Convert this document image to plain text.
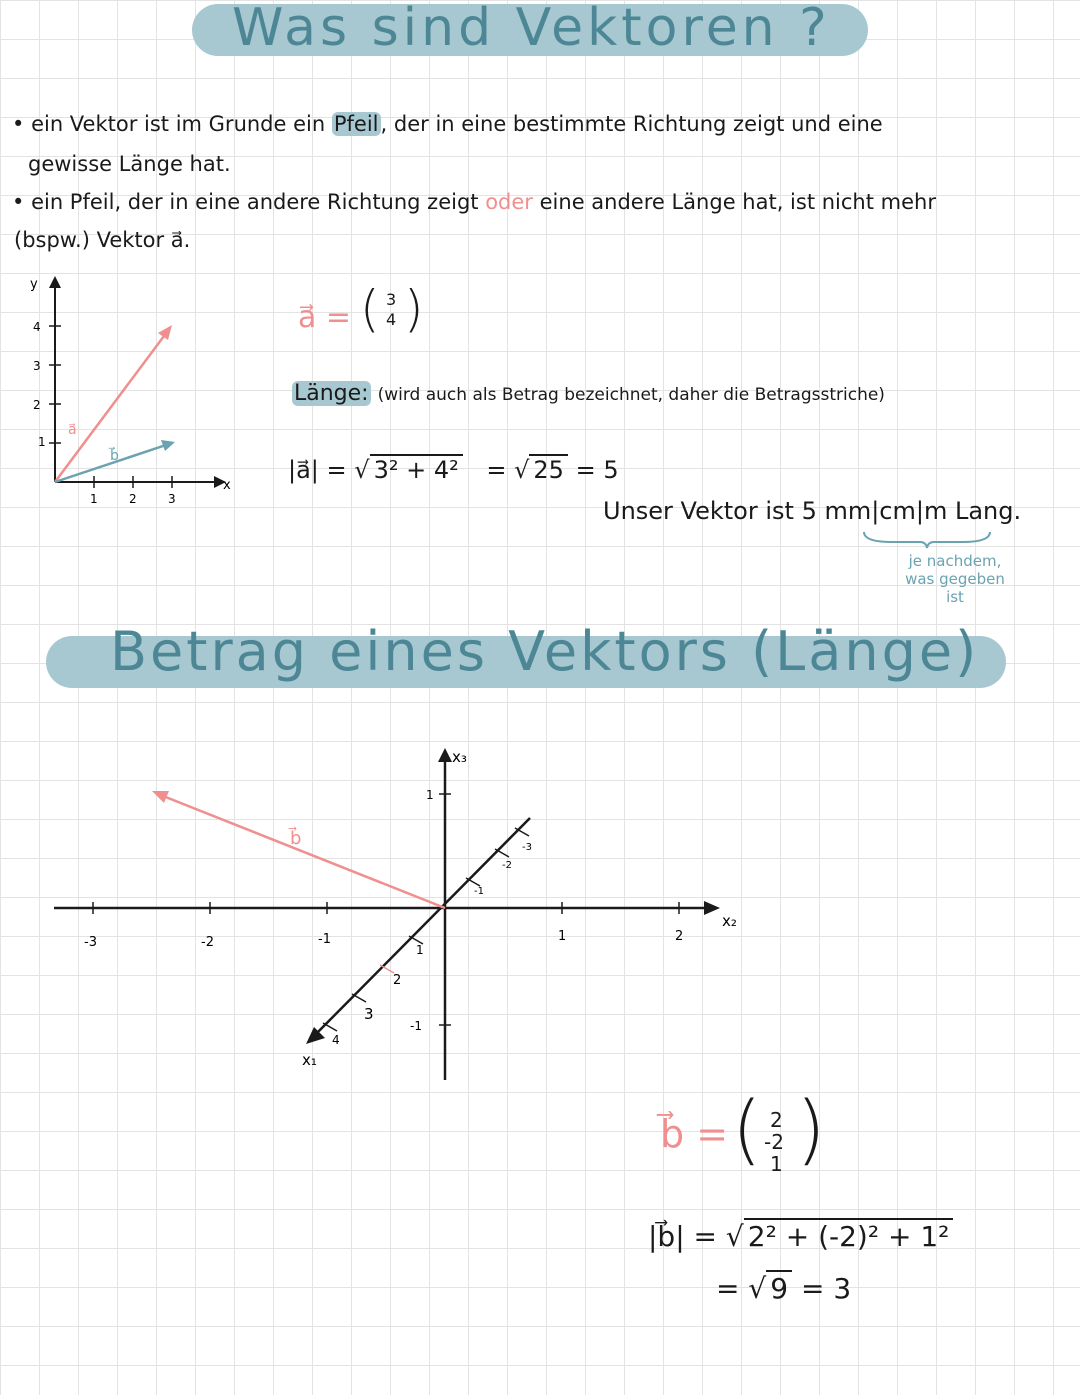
Was sind Vektoren ?
• ein Vektor ist im Grunde ein Pfeil, der in eine bestimmte Richtung zeigt und eine
gewisse Länge hat.
• ein Pfeil, der in eine andere Richtung zeigt oder eine andere Länge hat, ist nicht mehr
(bspw.) Vektor a⃗.
y
x
4
3
2
1
1	2	3
a⃗
b⃗
a⃗ = ( 3
4 )
Länge: (wird auch als Betrag bezeichnet, daher die Betragsstriche)
|a⃗| = √ 3² + 4² = √ 25 = 5
Unser Vektor ist 5 mm|cm|m Lang.
je nachdem,
was gegeben
ist
Betrag eines Vektors (Länge)
x₂
x₃
x₁
-3	-2	-1	1	2
1
-1
1
2
3
4
-1
-2
-3
b⃗
b⃗ = ( 2
-2
1 )
|b⃗| = √ 2² + (-2)² + 1²
= √ 9 = 3
